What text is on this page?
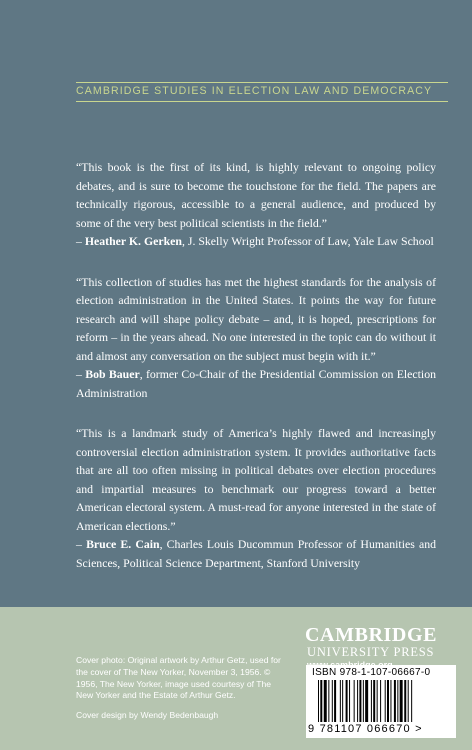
CAMBRIDGE STUDIES IN ELECTION LAW AND DEMOCRACY

“This book is the first of its kind, is highly relevant to ongoing policy debates, and is sure to become the touchstone for the field. The papers are technically rigorous, accessible to a general audience, and produced by some of the very best political scientists in the field.”

– Heather K. Gerken, J. Skelly Wright Professor of Law, Yale Law School

“This collection of studies has met the highest standards for the analysis of election administration in the United States. It points the way for future research and will shape policy debate – and, it is hoped, prescriptions for reform – in the years ahead. No one interested in the topic can do without it and almost any conversation on the subject must begin with it.”

– Bob Bauer, former Co-Chair of the Presidential Commission on Election Administration

“This is a landmark study of America’s highly flawed and increasingly controversial election administration system. It provides authoritative facts that are all too often missing in political debates over election procedures and impartial measures to benchmark our progress toward a better American electoral system. A must-read for anyone interested in the state of American elections.”

– Bruce E. Cain, Charles Louis Ducommun Professor of Humanities and Sciences, Political Science Department, Stanford University

CAMBRIDGE
UNIVERSITY PRESS
ISBN 978-1-107-06667-0
9 781107 066670 >

Cover photo: Original artwork by Arthur Getz, used for the cover of The New Yorker, November 3, 1956. © 1956, The New Yorker, image used courtesy of The New Yorker and the Estate of Arthur Getz.

Cover design by Wendy Bedenbaugh
